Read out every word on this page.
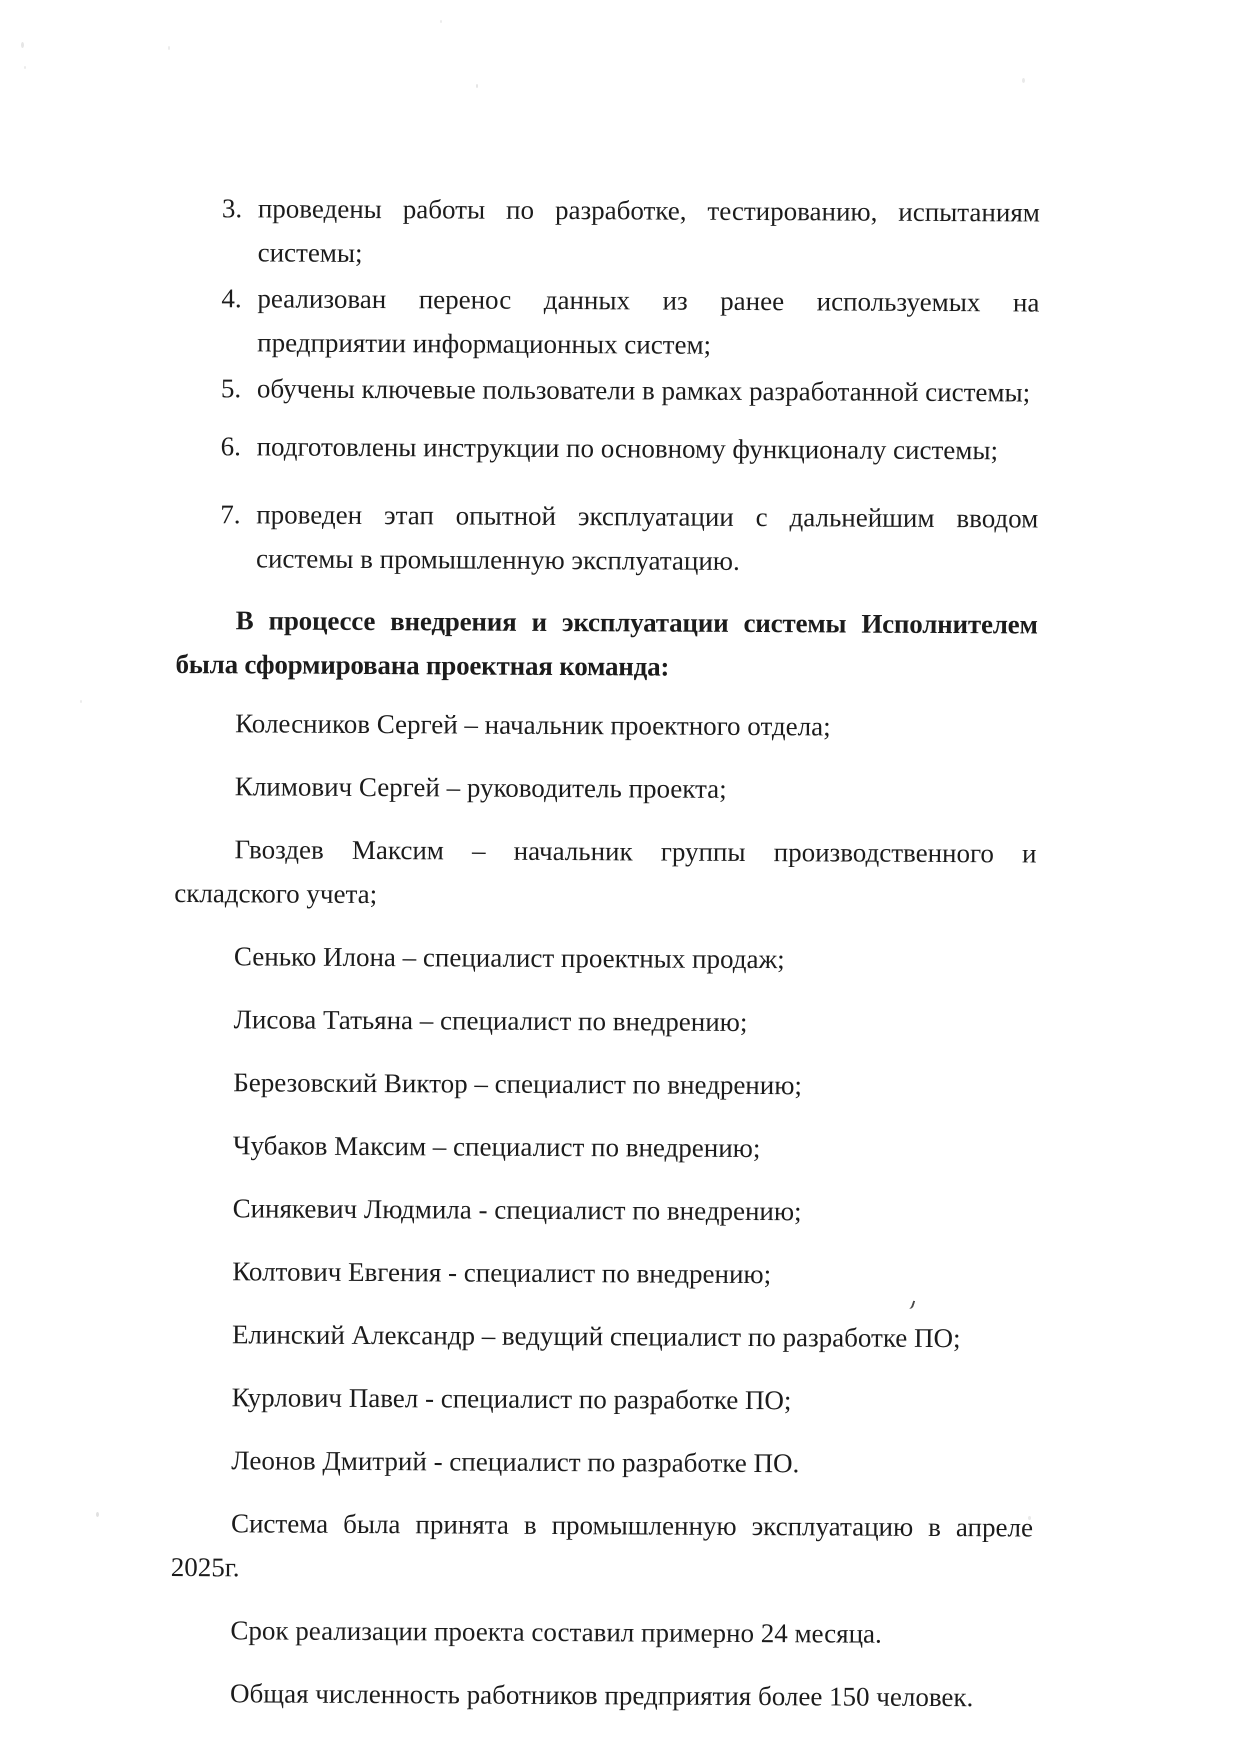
3. проведены работы по разработке, тестированию, испытаниям системы;
4. реализован перенос данных из ранее используемых на предприятии информационных систем;
5. обучены ключевые пользователи в рамках разработанной системы;
6. подготовлены инструкции по основному функционалу системы;
7. проведен этап опытной эксплуатации с дальнейшим вводом системы в промышленную эксплуатацию.

В процессе внедрения и эксплуатации системы Исполнителем была сформирована проектная команда:

Колесников Сергей – начальник проектного отдела;

Климович Сергей – руководитель проекта;

Гвоздев Максим – начальник группы производственного и складского учета;

Сенько Илона – специалист проектных продаж;

Лисова Татьяна – специалист по внедрению;

Березовский Виктор – специалист по внедрению;

Чубаков Максим – специалист по внедрению;

Синякевич Людмила - специалист по внедрению;

Колтович Евгения - специалист по внедрению;

Елинский Александр – ведущий специалист по разработке ПО;

Курлович Павел - специалист по разработке ПО;

Леонов Дмитрий - специалист по разработке ПО.

Система была принята в промышленную эксплуатацию в апреле 2025г.

Срок реализации проекта составил примерно 24 месяца.

Общая численность работников предприятия более 150 человек.
